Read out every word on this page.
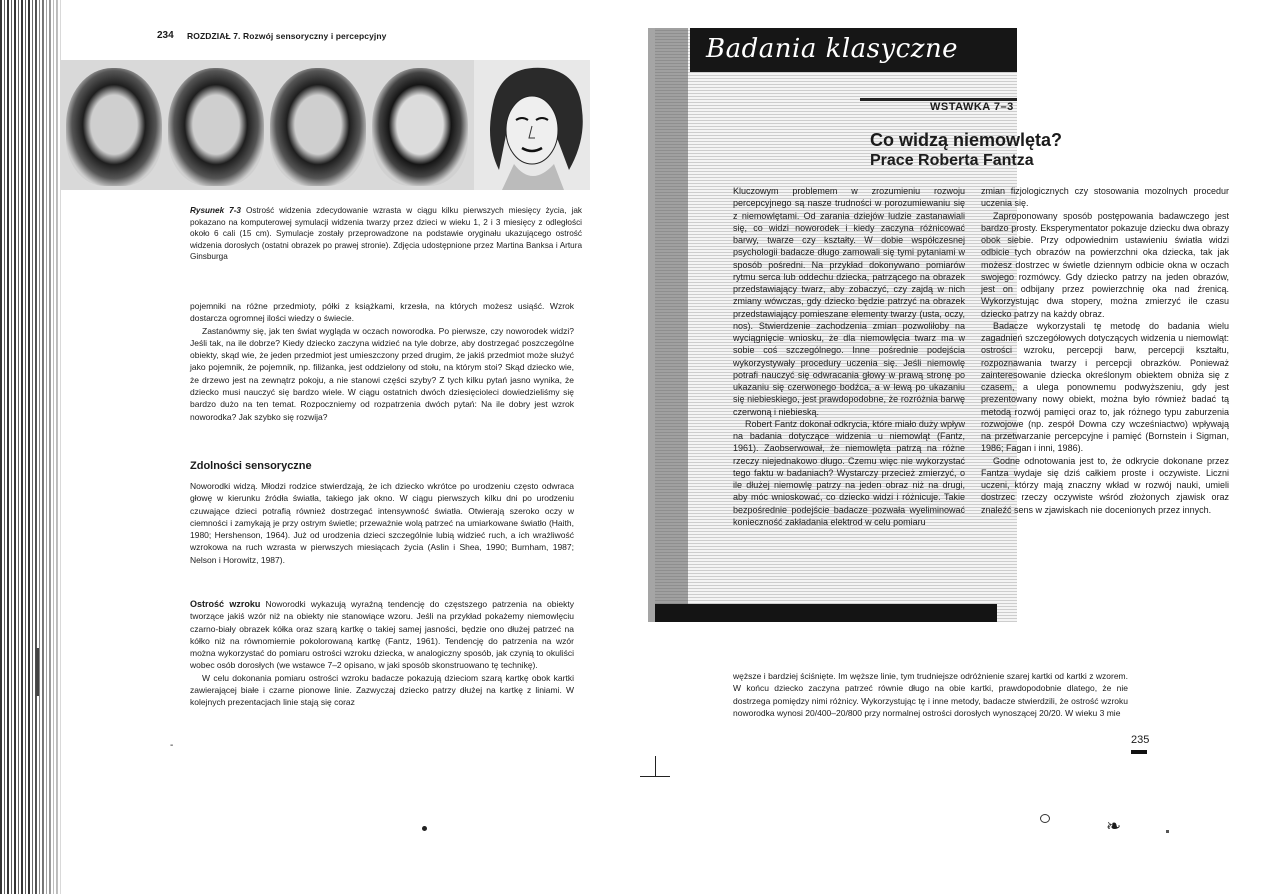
234 ROZDZIAŁ 7. Rozwój sensoryczny i percepcyjny
Rysunek 7-3 Ostrość widzenia zdecydowanie wzrasta w ciągu kilku pierwszych miesięcy życia, jak pokazano na komputerowej symulacji widzenia twarzy przez dzieci w wieku 1, 2 i 3 miesięcy z odległości około 6 cali (15 cm). Symulacje zostały przeprowadzone na podstawie oryginału ukazującego ostrość widzenia dorosłych (ostatni obrazek po prawej stronie). Zdjęcia udostępnione przez Martina Banksa i Artura Ginsburga

pojemniki na różne przedmioty, półki z książkami, krzesła, na których możesz usiąść. Wzrok dostarcza ogromnej ilości wiedzy o świecie.

Zastanówmy się, jak ten świat wygląda w oczach noworodka. Po pierwsze, czy noworodek widzi? Jeśli tak, na ile dobrze? Kiedy dziecko zaczyna widzieć na tyle dobrze, aby dostrzegać poszczególne obiekty, skąd wie, że jeden przedmiot jest umieszczony przed drugim, że jakiś przedmiot może służyć jako pojemnik, że pojemnik, np. filiżanka, jest oddzielony od stołu, na którym stoi? Skąd dziecko wie, że drzewo jest na zewnątrz pokoju, a nie stanowi części szyby? Z tych kilku pytań jasno wynika, że dziecko musi nauczyć się bardzo wiele. W ciągu ostatnich dwóch dziesięcioleci dowiedzieliśmy się bardzo dużo na ten temat. Rozpoczniemy od rozpatrzenia dwóch pytań: Na ile dobry jest wzrok noworodka? Jak szybko się rozwija?

Zdolności sensoryczne

Noworodki widzą. Młodzi rodzice stwierdzają, że ich dziecko wkrótce po urodzeniu często odwraca głowę w kierunku źródła światła, takiego jak okno. W ciągu pierwszych kilku dni po urodzeniu czuwające dzieci potrafią również dostrzegać intensywność światła. Otwierają szeroko oczy w ciemności i zamykają je przy ostrym świetle; przeważnie wolą patrzeć na umiarkowane światło (Haith, 1980; Hershenson, 1964). Już od urodzenia dzieci szczególnie lubią widzieć ruch, a ich wrażliwość wzrokowa na ruch wzrasta w pierwszych miesiącach życia (Aslin i Shea, 1990; Burnham, 1987; Nelson i Horowitz, 1987).

Ostrość wzroku Noworodki wykazują wyraźną tendencję do częstszego patrzenia na obiekty tworzące jakiś wzór niż na obiekty nie stanowiące wzoru. Jeśli na przykład pokażemy niemowlęciu czarno-biały obrazek kółka oraz szarą kartkę o takiej samej jasności, będzie ono dłużej patrzeć na kółko niż na równomiernie pokolorowaną kartkę (Fantz, 1961). Tendencję do patrzenia na wzór można wykorzystać do pomiaru ostrości wzroku dziecka, w analogiczny sposób, jak czynią to okuliści wobec osób dorosłych (we wstawce 7–2 opisano, w jaki sposób skonstruowano tę technikę).

W celu dokonania pomiaru ostrości wzroku badacze pokazują dzieciom szarą kartkę obok kartki zawierającej białe i czarne pionowe linie. Zazwyczaj dziecko patrzy dłużej na kartkę z liniami. W kolejnych prezentacjach linie stają się coraz

-
Badania klasyczne
WSTAWKA 7–3
Co widzą niemowlęta?
Prace Roberta Fantza

Kluczowym problemem w zrozumieniu rozwoju percepcyjnego są nasze trudności w porozumiewaniu się z niemowlętami. Od zarania dziejów ludzie zastanawiali się, co widzi noworodek i kiedy zaczyna różnicować barwy, twarze czy kształty. W dobie współczesnej psychologii badacze długo zamowali się tymi pytaniami w sposób pośredni. Na przykład dokonywano pomiarów rytmu serca lub oddechu dziecka, patrzącego na obrazek przedstawiający twarz, aby zobaczyć, czy zajdą w nich zmiany wówczas, gdy dziecko będzie patrzyć na obrazek przedstawiający pomieszane elementy twarzy (usta, oczy, nos). Stwierdzenie zachodzenia zmian pozwoliłoby na wyciągnięcie wniosku, że dla niemowlęcia twarz ma w sobie coś szczególnego. Inne pośrednie podejścia wykorzystywały procedury uczenia się. Jeśli niemowlę potrafi nauczyć się odwracania głowy w prawą stronę po ukazaniu się czerwonego bodźca, a w lewą po ukazaniu się niebieskiego, jest prawdopodobne, że rozróżnia barwę czerwoną i niebieską.

Robert Fantz dokonał odkrycia, które miało duży wpływ na badania dotyczące widzenia u niemowląt (Fantz, 1961). Zaobserwował, że niemowlęta patrzą na różne rzeczy niejednakowo długo. Czemu więc nie wykorzystać tego faktu w badaniach? Wystarczy przecież zmierzyć, o ile dłużej niemowlę patrzy na jeden obraz niż na drugi, aby móc wnioskować, co dziecko widzi i różnicuje. Takie bezpośrednie podejście badacze pozwała wyeliminować konieczność zakładania elektrod w celu pomiaru

zmian fizjologicznych czy stosowania mozolnych procedur uczenia się.

Zaproponowany sposób postępowania badawczego jest bardzo prosty. Eksperymentator pokazuje dziecku dwa obrazy obok siebie. Przy odpowiednim ustawieniu światła widzi odbicie tych obrazów na powierzchni oka dziecka, tak jak możesz dostrzec w świetle dziennym odbicie okna w oczach swojego rozmówcy. Gdy dziecko patrzy na jeden obrazów, jest on odbijany przez powierzchnię oka nad źrenicą. Wykorzystując dwa stopery, można zmierzyć ile czasu dziecko patrzy na każdy obraz.

Badacze wykorzystali tę metodę do badania wielu zagadnień szczegółowych dotyczących widzenia u niemowląt: ostrości wzroku, percepcji barw, percepcji kształtu, rozpoznawania twarzy i percepcji obrazków. Ponieważ zainteresowanie dziecka określonym obiektem obniża się z czasem, a ulega ponownemu podwyższeniu, gdy jest prezentowany nowy obiekt, można było również badać tą metodą rozwój pamięci oraz to, jak różnego typu zaburzenia rozwojowe (np. zespół Downa czy wcześniactwo) wpływają na przetwarzanie percepcyjne i pamięć (Bornstein i Sigman, 1986; Fagan i inni, 1986).

Godne odnotowania jest to, że odkrycie dokonane przez Fantza wydaje się dziś całkiem proste i oczywiste. Liczni uczeni, którzy mają znaczny wkład w rozwój nauki, umieli dostrzec rzeczy oczywiste wśród złożonych zjawisk oraz znaleźć sens w zjawiskach nie docenionych przez innych.

węższe i bardziej ściśnięte. Im węższe linie, tym trudniejsze odróżnienie szarej kartki od kartki z wzorem. W końcu dziecko zaczyna patrzeć równie długo na obie kartki, prawdopodobnie dlatego, że nie dostrzega pomiędzy nimi różnicy. Wykorzystując tę i inne metody, badacze stwierdzili, że ostrość wzroku noworodka wynosi 20/400–20/800 przy normalnej ostrości dorosłych wynoszącej 20/20. W wieku 3 mie
235
❧
